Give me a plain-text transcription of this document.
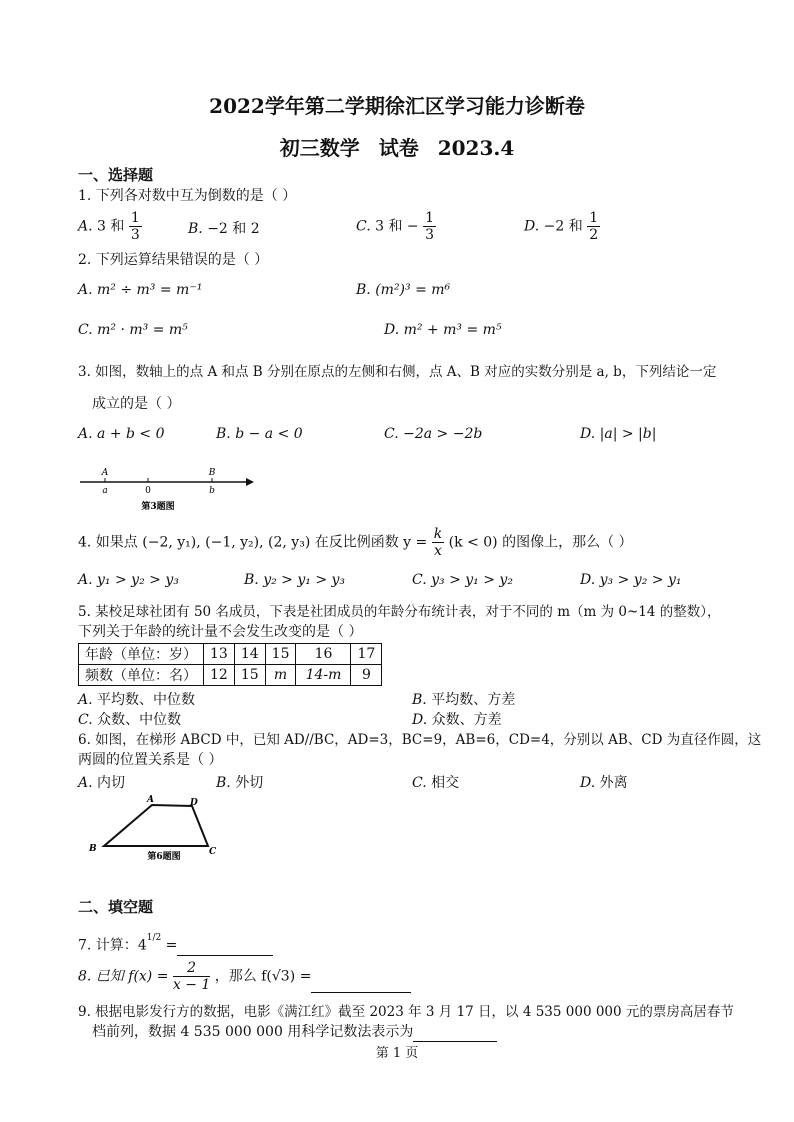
2022学年第二学期徐汇区学习能力诊断卷
初三数学 试卷 2023.4
一、选择题
1. 下列各对数中互为倒数的是（ ）
A. 3 和 $\frac{1}{3}$	B. −2 和 2	C. 3 和 − $\frac{1}{3}$	D. −2 和 $\frac{1}{2}$
2. 下列运算结果错误的是（ ）
A. m² ÷ m³ = m⁻¹	B. (m²)³ = m⁶
C. m² · m³ = m⁵	D. m² + m³ = m⁵
3. 如图，数轴上的点 A 和点 B 分别在原点的左侧和右侧，点 A、B 对应的实数分别是 a, b，下列结论一定
成立的是（ ）
A. a + b < 0	B. b − a < 0	C. −2a > −2b	D. |a| > |b|
A	B
a	0	b
第3题图
4. 如果点 (−2, y₁), (−1, y₂), (2, y₃) 在反比例函数 $y = \frac{k}{x} (k < 0)$ 的图像上，那么（ ）
A. y₁ > y₂ > y₃	B. y₂ > y₁ > y₃	C. y₃ > y₁ > y₂	D. y₃ > y₂ > y₁
5. 某校足球社团有 50 名成员，下表是社团成员的年龄分布统计表，对于不同的 m（m 为 0~14 的整数），
下列关于年龄的统计量不会发生改变的是（ ）
年龄（单位：岁）	13	14	15	16	17
频数（单位：名）	12	15	m	14-m	9
A. 平均数、中位数	B. 平均数、方差
C. 众数、中位数	D. 众数、方差
6. 如图，在梯形 ABCD 中，已知 AD//BC，AD=3，BC=9，AB=6，CD=4，分别以 AB、CD 为直径作圆，这
两圆的位置关系是（ ）
A. 内切	B. 外切	C. 相交	D. 外离
A	D
B	C
第6题图
二、填空题
7. 计算：$4^{1/2}$ =
8. 已知 $f(x) = \frac{2}{x - 1}$ ，那么 f(√3) =
9. 根据电影发行方的数据，电影《满江红》截至 2023 年 3 月 17 日，以 4 535 000 000 元的票房高居春节
档前列，数据 4 535 000 000 用科学记数法表示为
第 1 页
